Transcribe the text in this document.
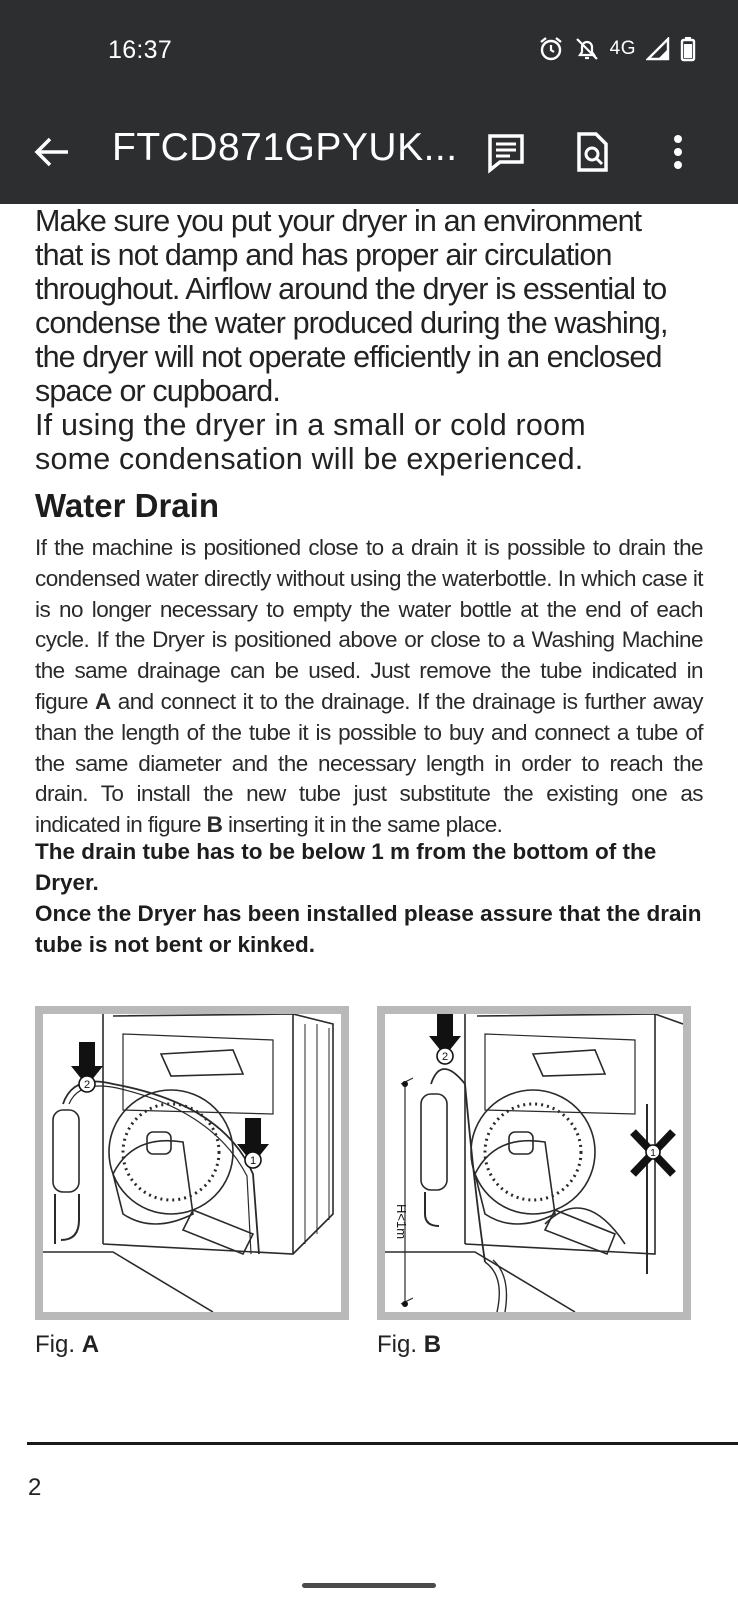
16:37	4G
FTCD871GPYUK...
Make sure you put your dryer in an environment
that is not damp and has proper air circulation
throughout. Airflow around the dryer is essential to
condense the water produced during the washing,
the dryer will not operate efficiently in an enclosed
space or cupboard.
If using the dryer in a small or cold room
some condensation will be experienced.
Water Drain
If the machine is positioned close to a drain it is possible to drain the condensed water directly without using the waterbottle. In which case it is no longer necessary to empty the water bottle at the end of each cycle. If the Dryer is positioned above or close to a Washing Machine the same drainage can be used. Just remove the tube indicated in figure A and connect it to the drainage. If the drainage is further away than the length of the tube it is possible to buy and connect a tube of the same diameter and the necessary length in order to reach the drain. To install the new tube just substitute the existing one as indicated in figure B inserting it in the same place.
The drain tube has to be below 1 m from the bottom of the Dryer.
Once the Dryer has been installed please assure that the drain tube is not bent or kinked.
2
1
Fig. A
H<1m
2
1
Fig. B
2
